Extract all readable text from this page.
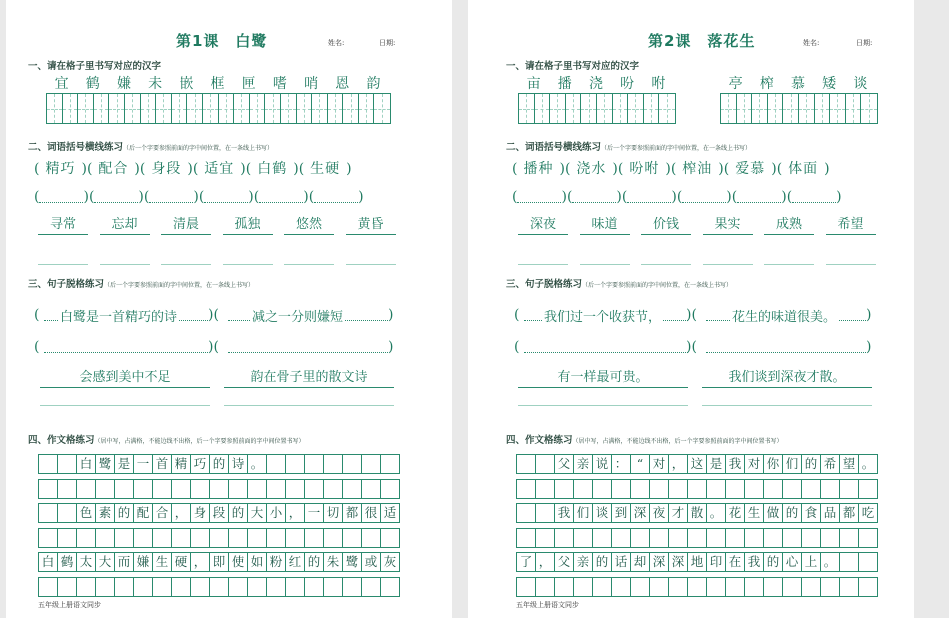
第1课　白鹭	姓名:	日期:
一、请在格子里书写对应的汉字
宜	鹤	嫌	未	嵌	框	匣	嗜	哨	恩	韵
二、词语括号横线练习（后一个字要参照前面的字中间位置，在一条线上书写）
( 精巧 )( 配合 )( 身段 )( 适宜 )( 白鹤 )( 生硬 )
(	)(	)(	)(	)(	)(	)
寻常	忘却	清晨	孤独	悠然	黄昏
三、句子脱格练习（后一个字要参照前面的字中间位置，在一条线上书写）
( 白鹭是一首精巧的诗 )(	减之一分则嫌短	)
(	)(	)
会感到美中不足	韵在骨子里的散文诗
四、作文格练习（居中写，占满格，不能边线不出格，后一个字要参照前面的字中间位置书写）
白 鹭 是 一 首 精 巧 的 诗 。
色 素 的 配 合 ， 身 段 的 大 小 ， 一 切 都 很 适
白 鹤 太 大 而 嫌 生 硬 ， 即 使 如 粉 红 的 朱 鹭 或 灰
五年级上册语文同步
第2课　落花生	姓名:	日期:
一、请在格子里书写对应的汉字
亩	播	浇	吩	咐	亭	榨	慕	矮	谈
二、词语括号横线练习（后一个字要参照前面的字中间位置，在一条线上书写）
( 播种 )( 浇水 )( 吩咐 )( 榨油 )( 爱慕 )( 体面 )
(	)(	)(	)(	)(	)(	)
深夜	味道	价钱	果实	成熟	希望
三、句子脱格练习（后一个字要参照前面的字中间位置，在一条线上书写）
( 我们过一个收获节， )(	花生的味道很美。 )
(	)(	)
有一样最可贵。	我们谈到深夜才散。
四、作文格练习（居中写，占满格，不能边线不出格，后一个字要参照前面的字中间位置书写）
父 亲 说 ： “ 对 ， 这 是 我 对 你 们 的 希 望 。
我 们 谈 到 深 夜 才 散 。 花 生 做 的 食 品 都 吃
了 ， 父 亲 的 话 却 深 深 地 印 在 我 的 心 上 。
五年级上册语文同步
